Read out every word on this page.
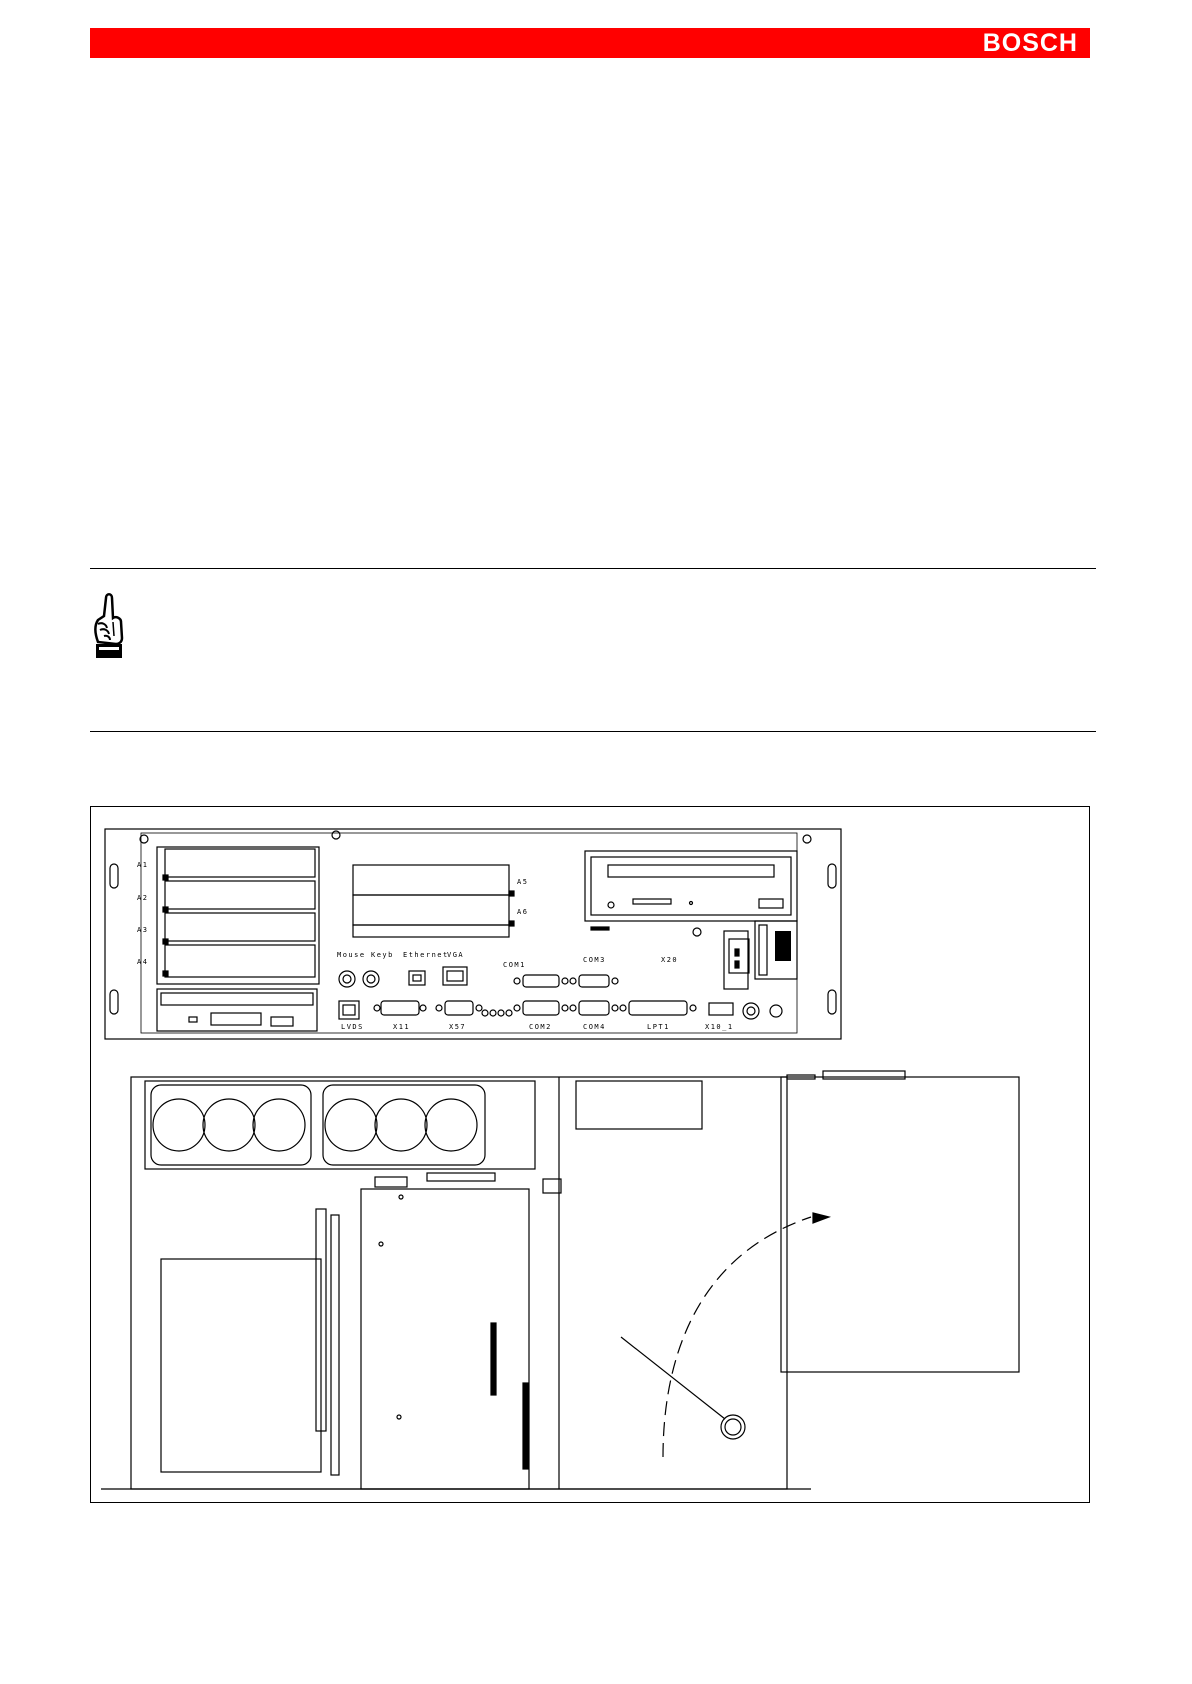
BOSCH
A1
A2
A3
A4
A5
A6
Mouse Keyb Ethernet
VGA
COM1
COM3	X20
LVDS	X11	X57	COM2	COM4	LPT1	X10_1
